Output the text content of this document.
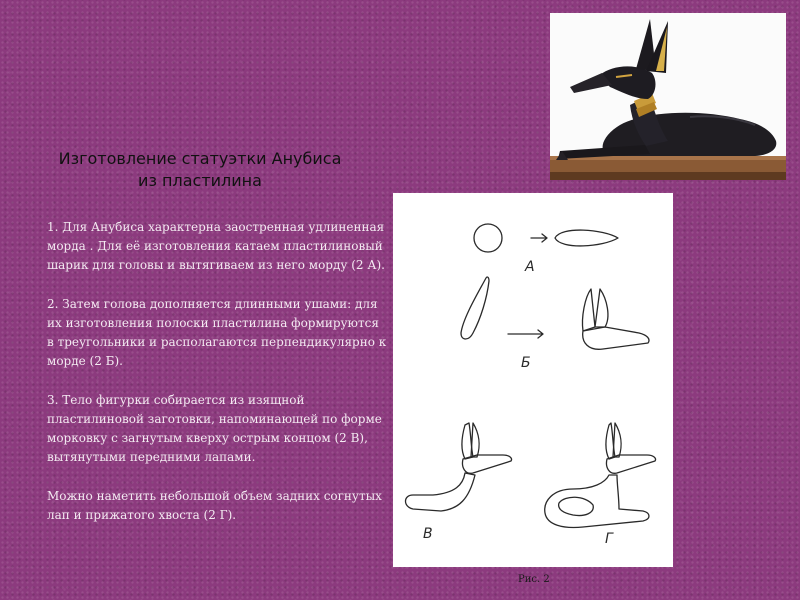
Изготовление статуэтки Анубиса
из пластилина

1. Для Анубиса характерна заостренная удлиненная морда . Для её изготовления катаем пластилиновый шарик для головы и вытягиваем из него морду (2 А).

2. Затем голова дополняется длинными ушами: для их изготовления полоски пластилина формируются в треугольники и располагаются перпендикулярно к морде (2 Б).

3. Тело фигурки собирается из изящной пластилиновой заготовки, напоминающей по форме морковку с загнутым кверху острым концом (2 В), вытянутыми передними лапами.

Можно наметить небольшой объем задних согнутых лап и прижатого хвоста (2 Г).

А
Б
В	Г
Рис. 2
